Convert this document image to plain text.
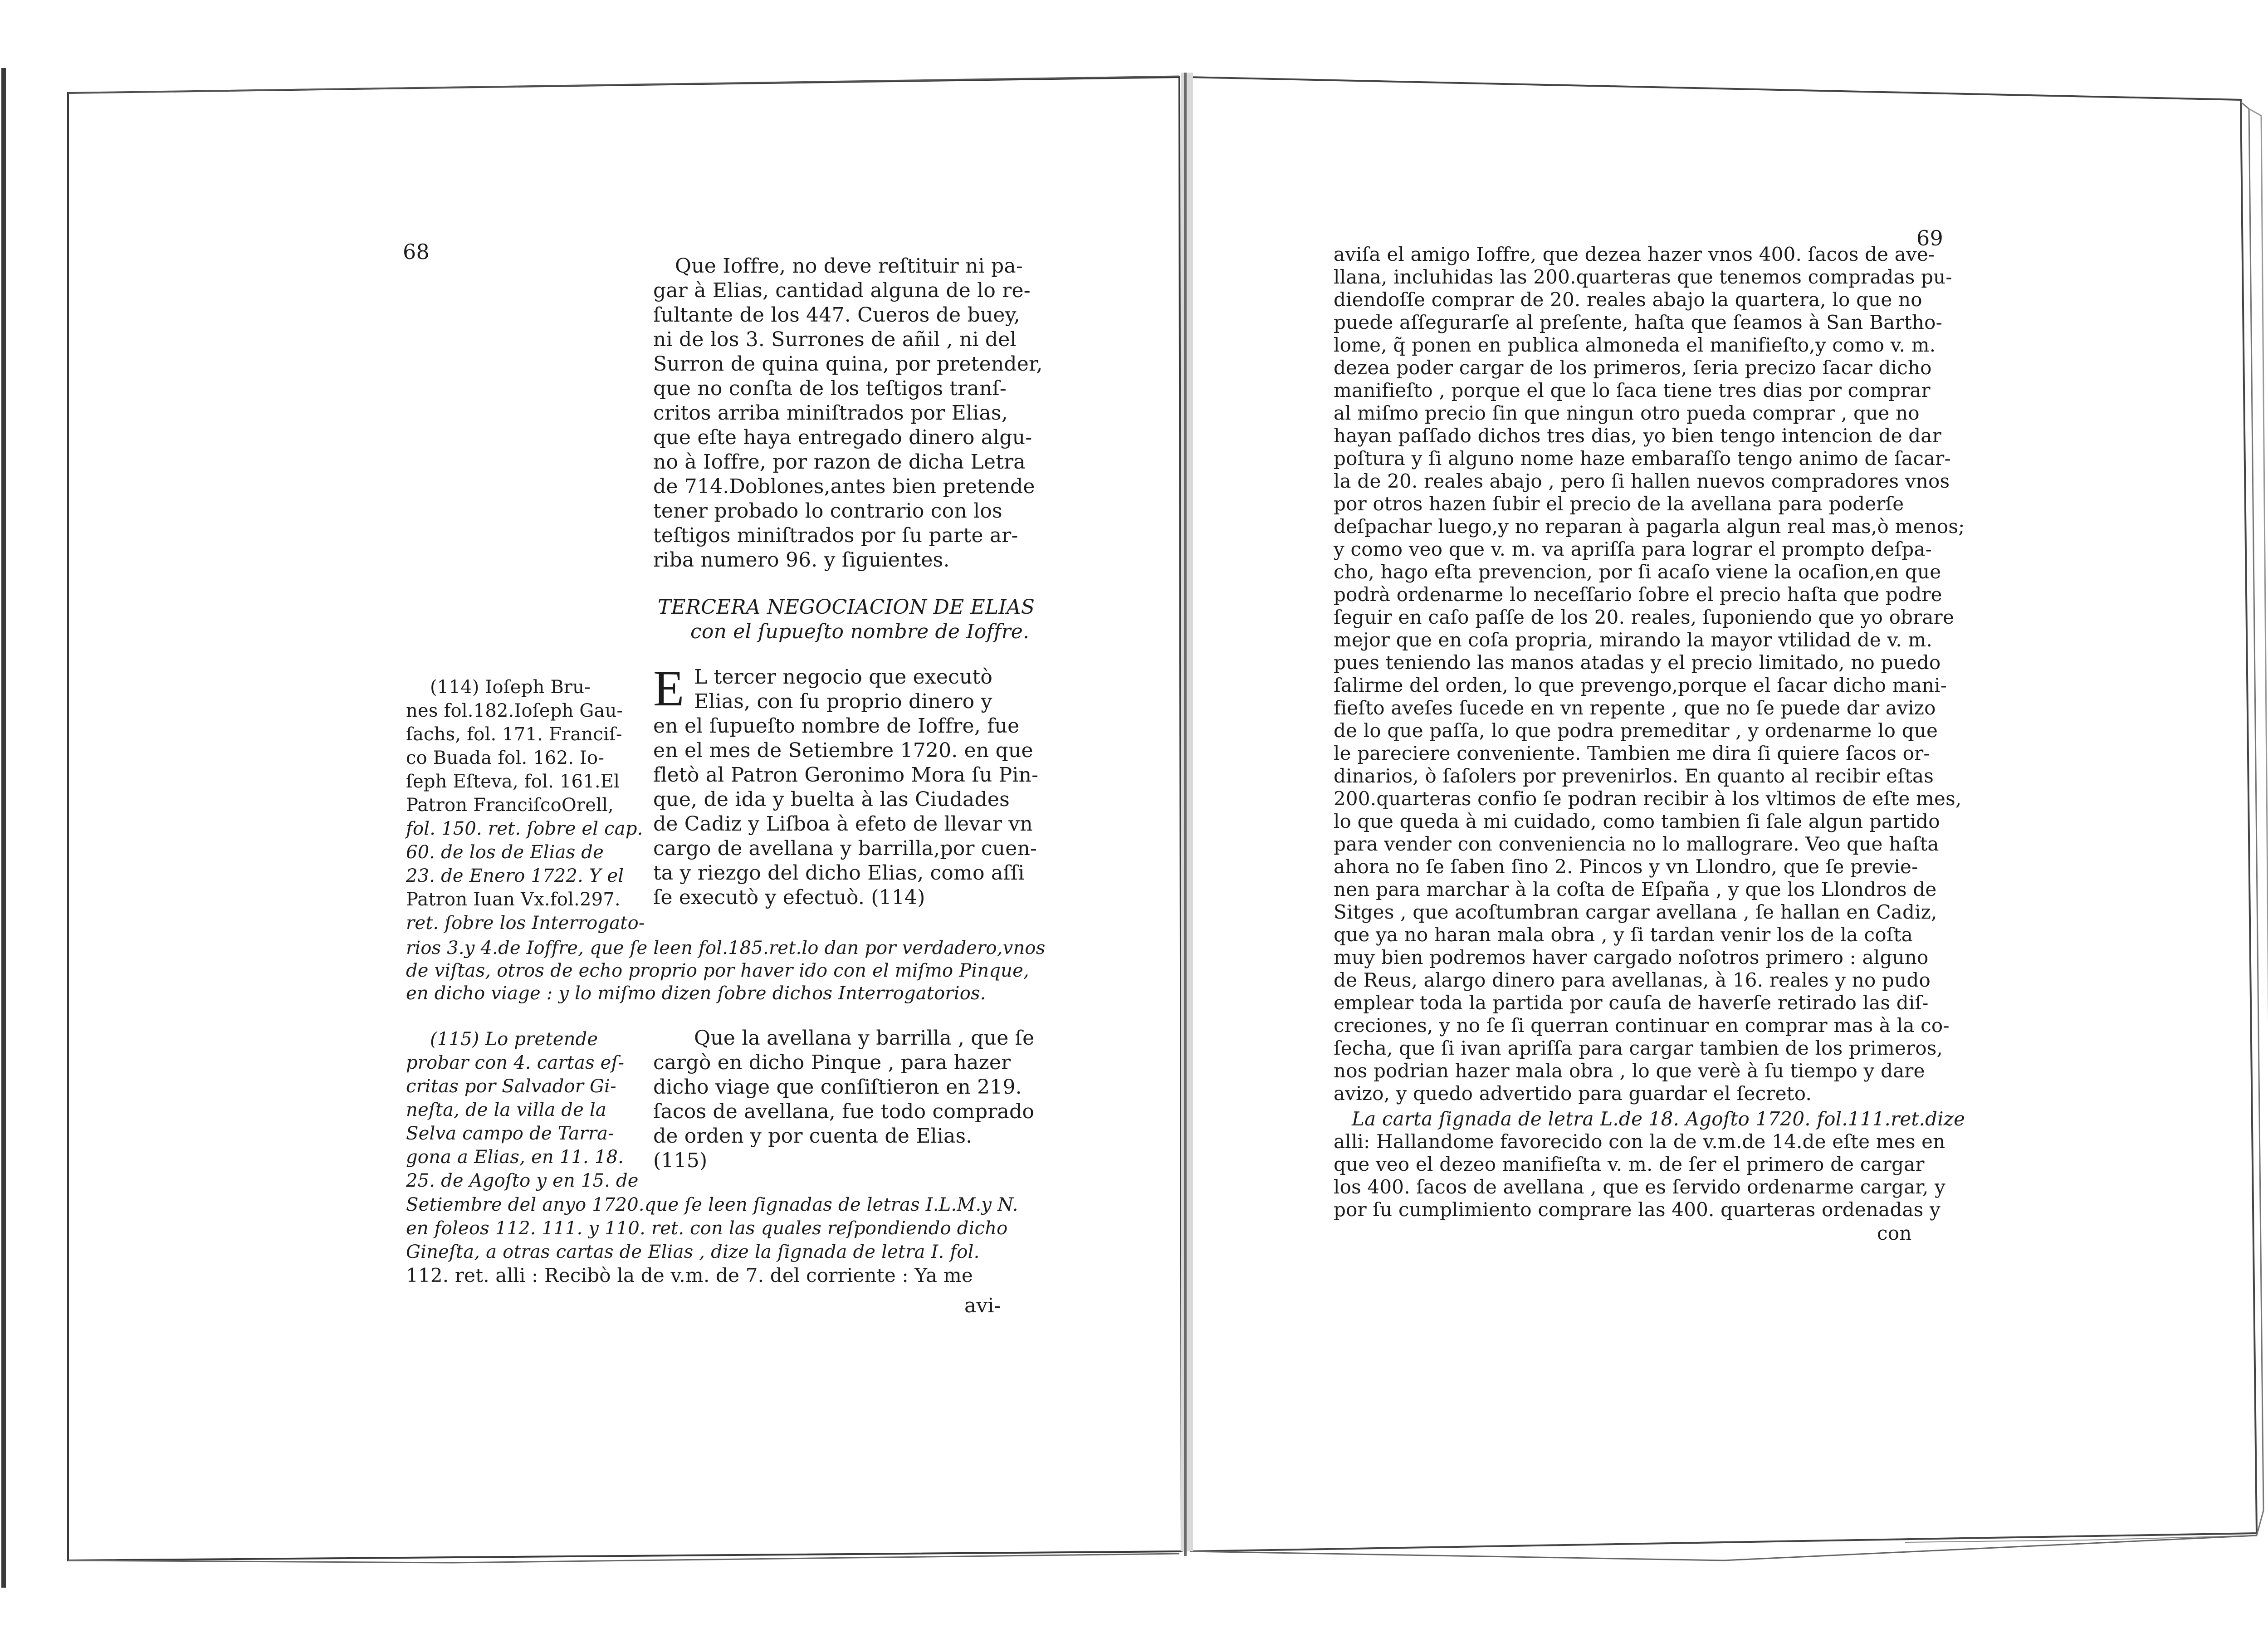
68
Que Ioffre, no deve reſtituir ni pa-
gar à Elias, cantidad alguna de lo re-
ſultante de los 447. Cueros de buey,
ni de los 3. Surrones de añil , ni del
Surron de quina quina, por pretender,
que no conſta de los teſtigos tranſ-
critos arriba miniſtrados por Elias,
que eſte haya entregado dinero algu-
no à Ioffre, por razon de dicha Letra
de 714.Doblones,antes bien pretende
tener probado lo contrario con los
teſtigos miniſtrados por ſu parte ar-
riba numero 96. y ſiguientes.
TERCERA NEGOCIACION DE ELIAS
con el ſupueſto nombre de Ioffre.
E L tercer negocio que executò
Elias, con ſu proprio dinero y
en el ſupueſto nombre de Ioffre, fue
en el mes de Setiembre 1720. en que
fletò al Patron Geronimo Mora ſu Pin-
que, de ida y buelta à las Ciudades
de Cadiz y Liſboa à efeto de llevar vn
cargo de avellana y barrilla,por cuen-
ta y riezgo del dicho Elias, como aſſi
ſe executò y efectuò. (114)
(114) Ioſeph Bru-
nes fol.182.Ioſeph Gau-
ſachs, fol. 171. Franciſ-
co Buada fol. 162. Io-
ſeph Eſteva, fol. 161.El
Patron FranciſcoOrell,
fol. 150. ret. ſobre el cap.
60. de los de Elias de
23. de Enero 1722. Y el
Patron Iuan Vx.fol.297.
ret. ſobre los Interrogato-
rios 3.y 4.de Ioffre, que ſe leen fol.185.ret.lo dan por verdadero,vnos
de viſtas, otros de echo proprio por haver ido con el miſmo Pinque,
en dicho viage : y lo miſmo dizen ſobre dichos Interrogatorios.
(115) Lo pretende
probar con 4. cartas eſ-
critas por Salvador Gi-
neſta, de la villa de la
Selva campo de Tarra-
gona a Elias, en 11. 18.
25. de Agoſto y en 15. de
Que la avellana y barrilla , que ſe
cargò en dicho Pinque , para hazer
dicho viage que conſiſtieron en 219.
ſacos de avellana, fue todo comprado
de orden y por cuenta de Elias.
(115)
Setiembre del anyo 1720.que ſe leen ſignadas de letras I.L.M.y N.
en foleos 112. 111. y 110. ret. con las quales reſpondiendo dicho
Gineſta, a otras cartas de Elias , dize la ſignada de letra I. fol.
112. ret. alli : Recibò la de v.m. de 7. del corriente : Ya me
avi-
69
aviſa el amigo Ioffre, que dezea hazer vnos 400. ſacos de ave-
llana, incluhidas las 200.quarteras que tenemos compradas pu-
diendoſſe comprar de 20. reales abajo la quartera, lo que no
puede aſſegurarſe al preſente, haſta que ſeamos à San Bartho-
lome, q̃ ponen en publica almoneda el manifieſto,y como v. m.
dezea poder cargar de los primeros, ſeria precizo ſacar dicho
manifieſto , porque el que lo ſaca tiene tres dias por comprar
al miſmo precio ſin que ningun otro pueda comprar , que no
hayan paſſado dichos tres dias, yo bien tengo intencion de dar
poſtura y ſi alguno nome haze embaraſſo tengo animo de ſacar-
la de 20. reales abajo , pero ſi hallen nuevos compradores vnos
por otros hazen ſubir el precio de la avellana para poderſe
deſpachar luego,y no reparan à pagarla algun real mas,ò menos;
y como veo que v. m. va apriſſa para lograr el prompto deſpa-
cho, hago eſta prevencion, por ſi acaſo viene la ocaſion,en que
podrà ordenarme lo neceſſario ſobre el precio haſta que podre
ſeguir en caſo paſſe de los 20. reales, ſuponiendo que yo obrare
mejor que en coſa propria, mirando la mayor vtilidad de v. m.
pues teniendo las manos atadas y el precio limitado, no puedo
ſalirme del orden, lo que prevengo,porque el ſacar dicho mani-
fieſto aveſes ſucede en vn repente , que no ſe puede dar avizo
de lo que paſſa, lo que podra premeditar , y ordenarme lo que
le pareciere conveniente. Tambien me dira ſi quiere ſacos or-
dinarios, ò ſaſolers por prevenirlos. En quanto al recibir eſtas
200.quarteras confio ſe podran recibir à los vltimos de eſte mes,
lo que queda à mi cuidado, como tambien ſi ſale algun partido
para vender con conveniencia no lo mallograre. Veo que haſta
ahora no ſe ſaben ſino 2. Pincos y vn Llondro, que ſe previe-
nen para marchar à la coſta de Eſpaña , y que los Llondros de
Sitges , que acoſtumbran cargar avellana , ſe hallan en Cadiz,
que ya no haran mala obra , y ſi tardan venir los de la coſta
muy bien podremos haver cargado noſotros primero : alguno
de Reus, alargo dinero para avellanas, à 16. reales y no pudo
emplear toda la partida por cauſa de haverſe retirado las diſ-
creciones, y no ſe ſi querran continuar en comprar mas à la co-
ſecha, que ſi ivan apriſſa para cargar tambien de los primeros,
nos podrian hazer mala obra , lo que verè à ſu tiempo y dare
avizo, y quedo advertido para guardar el ſecreto.
La carta ſignada de letra L.de 18. Agoſto 1720. fol.111.ret.dize
alli: Hallandome favorecido con la de v.m.de 14.de eſte mes en
que veo el dezeo manifieſta v. m. de ſer el primero de cargar
los 400. ſacos de avellana , que es ſervido ordenarme cargar, y
por ſu cumplimiento comprare las 400. quarteras ordenadas y
con
